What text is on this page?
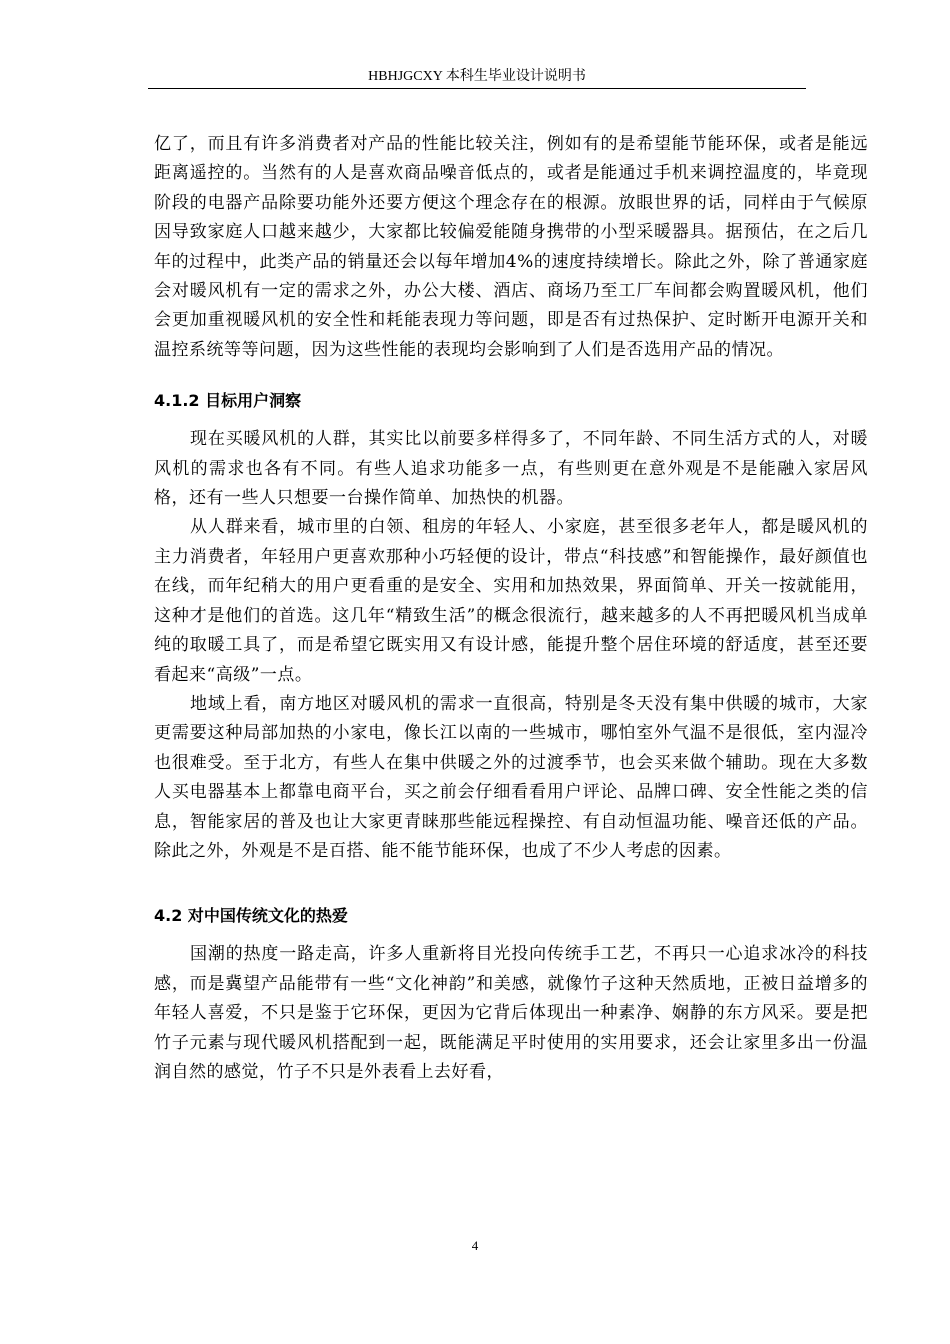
HBHJGCXY 本科生毕业设计说明书

亿了，而且有许多消费者对产品的性能比较关注，例如有的是希望能节能环保，或者是能远距离遥控的。当然有的人是喜欢商品噪音低点的，或者是能通过手机来调控温度的，毕竟现阶段的电器产品除要功能外还要方便这个理念存在的根源。放眼世界的话，同样由于气候原因导致家庭人口越来越少，大家都比较偏爱能随身携带的小型采暖器具。据预估，在之后几年的过程中，此类产品的销量还会以每年增加4%的速度持续增长。除此之外，除了普通家庭会对暖风机有一定的需求之外，办公大楼、酒店、商场乃至工厂车间都会购置暖风机，他们会更加重视暖风机的安全性和耗能表现力等问题，即是否有过热保护、定时断开电源开关和温控系统等等问题，因为这些性能的表现均会影响到了人们是否选用产品的情况。

4.1.2 目标用户洞察

现在买暖风机的人群，其实比以前要多样得多了，不同年龄、不同生活方式的人，对暖风机的需求也各有不同。有些人追求功能多一点，有些则更在意外观是不是能融入家居风格，还有一些人只想要一台操作简单、加热快的机器。

从人群来看，城市里的白领、租房的年轻人、小家庭，甚至很多老年人，都是暖风机的主力消费者，年轻用户更喜欢那种小巧轻便的设计，带点“科技感”和智能操作，最好颜值也在线，而年纪稍大的用户更看重的是安全、实用和加热效果，界面简单、开关一按就能用，这种才是他们的首选。这几年“精致生活”的概念很流行，越来越多的人不再把暖风机当成单纯的取暖工具了，而是希望它既实用又有设计感，能提升整个居住环境的舒适度，甚至还要看起来“高级”一点。

地域上看，南方地区对暖风机的需求一直很高，特别是冬天没有集中供暖的城市，大家更需要这种局部加热的小家电，像长江以南的一些城市，哪怕室外气温不是很低，室内湿冷也很难受。至于北方，有些人在集中供暖之外的过渡季节，也会买来做个辅助。现在大多数人买电器基本上都靠电商平台，买之前会仔细看看用户评论、品牌口碑、安全性能之类的信息，智能家居的普及也让大家更青睐那些能远程操控、有自动恒温功能、噪音还低的产品。除此之外，外观是不是百搭、能不能节能环保，也成了不少人考虑的因素。

4.2 对中国传统文化的热爱

国潮的热度一路走高，许多人重新将目光投向传统手工艺，不再只一心追求冰冷的科技感，而是冀望产品能带有一些“文化神韵”和美感，就像竹子这种天然质地，正被日益增多的年轻人喜爱，不只是鉴于它环保，更因为它背后体现出一种素净、娴静的东方风采。要是把竹子元素与现代暖风机搭配到一起，既能满足平时使用的实用要求，还会让家里多出一份温润自然的感觉，竹子不只是外表看上去好看，

4
